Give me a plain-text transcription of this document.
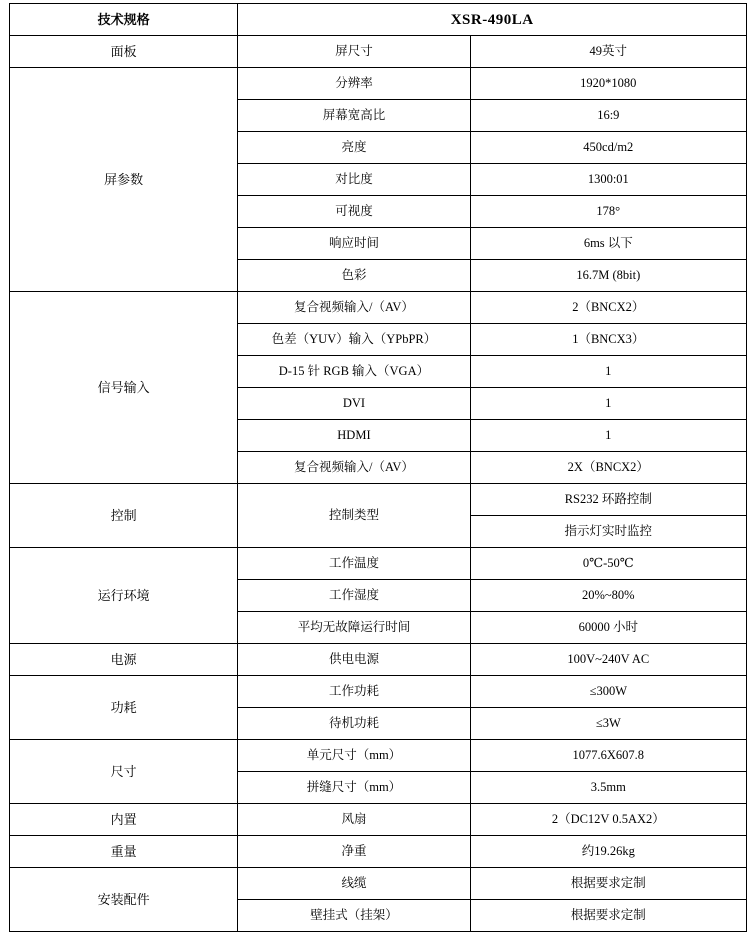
技术规格	XSR-490LA	
面板	屏尺寸	49英寸
屏参数	分辨率	1920*1080
	屏幕宽高比	16:9
	亮度	450cd/m2
	对比度	1300:01
	可视度	178°
	响应时间	6ms 以下
	色彩	16.7M (8bit)
信号输入	复合视频输入/（AV）	2（BNCX2）
	色差（YUV）输入（YPbPR）	1（BNCX3）
	D-15 针 RGB 输入（VGA）	1
	DVI	1
	HDMI	1
	复合视频输入/（AV）	2X（BNCX2）
控制	控制类型	RS232 环路控制
		指示灯实时监控
运行环境	工作温度	0℃-50℃
	工作湿度	20%~80%
	平均无故障运行时间	60000 小时
电源	供电电源	100V~240V AC
功耗	工作功耗	≤300W
	待机功耗	≤3W
尺寸	单元尺寸（mm）	1077.6X607.8
	拼缝尺寸（mm）	3.5mm
内置	风扇	2（DC12V 0.5AX2）
重量	净重	约19.26kg
安装配件	线缆	根据要求定制
	壁挂式（挂架）	根据要求定制
